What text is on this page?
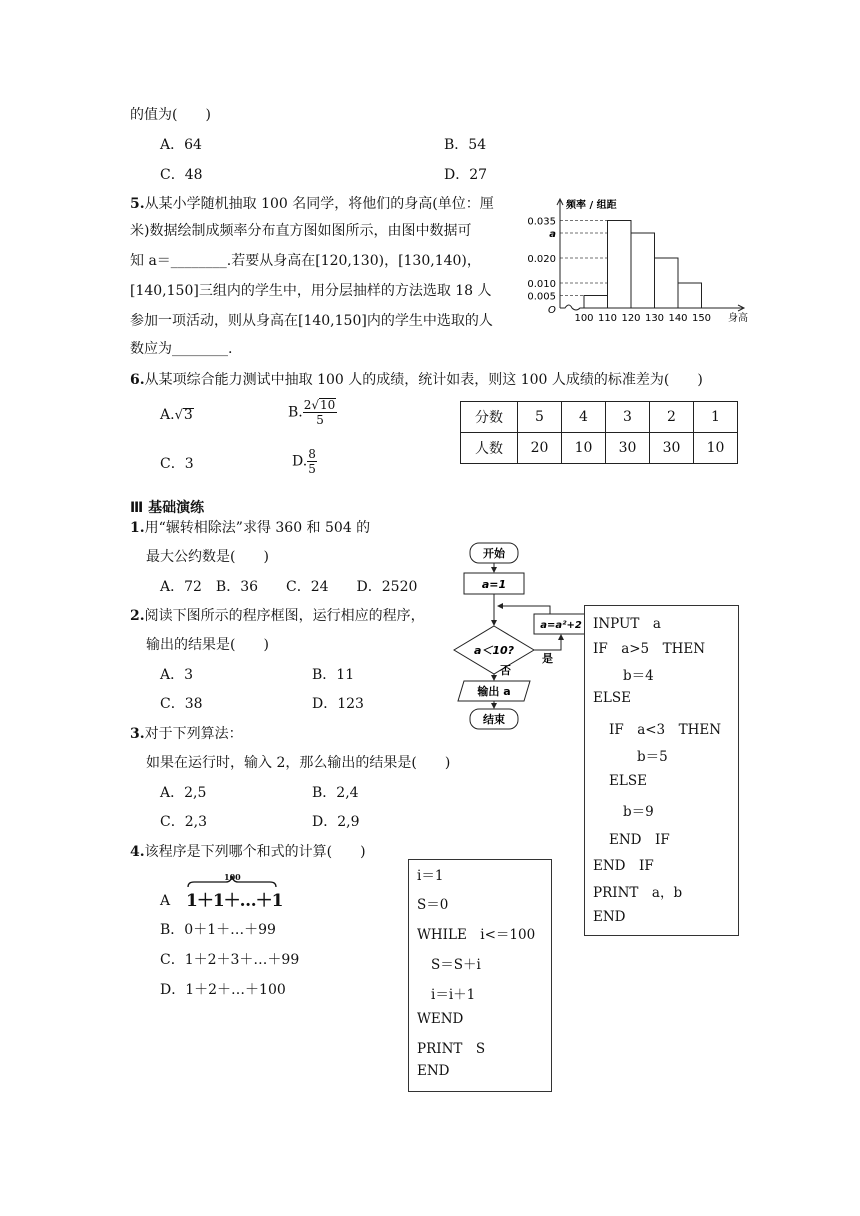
的值为(　　)
A．64	B．54
C．48	D．27
5.从某小学随机抽取 100 名同学，将他们的身高(单位：厘
米)数据绘制成频率分布直方图如图所示，由图中数据可
知 a＝________.若要从身高在[120,130)，[130,140)，
[140,150]三组内的学生中，用分层抽样的方法选取 18 人
参加一项活动，则从身高在[140,150]内的学生中选取的人
数应为________.
0.035
a
0.020
0.010
0.005
100 110 120 130 140 150
O
频率 / 组距
身高
6.从某项综合能力测试中抽取 100 人的成绩，统计如表，则这 100 人成绩的标准差为(　　)
A.√3	B. $\frac{2√10}{5}$
C．3	D. $\frac{8}{5}$
分数	5	4	3	2	1
人数	20	10	30	30	10
Ⅲ 基础演练
1.用“辗转相除法”求得 360 和 504 的
最大公约数是(　　)
A．72　B．36　　C．24　　D．2520
2.阅读下图所示的程序框图，运行相应的程序，
输出的结果是(　　)
A．3	B．11
C．38	D．123
开始
a=1
a=a²+2
a＜10?
是
否
输出 a
结束
INPUT　a
IF　a>5　THEN
b＝4
ELSE
IF　a<3　THEN
b＝5
ELSE
b＝9
END　IF
END　IF
PRINT　a，b
END
3.对于下列算法：
如果在运行时，输入 2，那么输出的结果是(　　)
A．2,5	B．2,4
C．2,3	D．2,9
4.该程序是下列哪个和式的计算(　　)
A
100
1＋1＋…＋1
B．0＋1＋…＋99
C．1＋2＋3＋…＋99
D．1＋2＋…＋100
i＝1
S＝0
WHILE　i<＝100
S＝S＋i
i＝i＋1
WEND
PRINT　S
END
